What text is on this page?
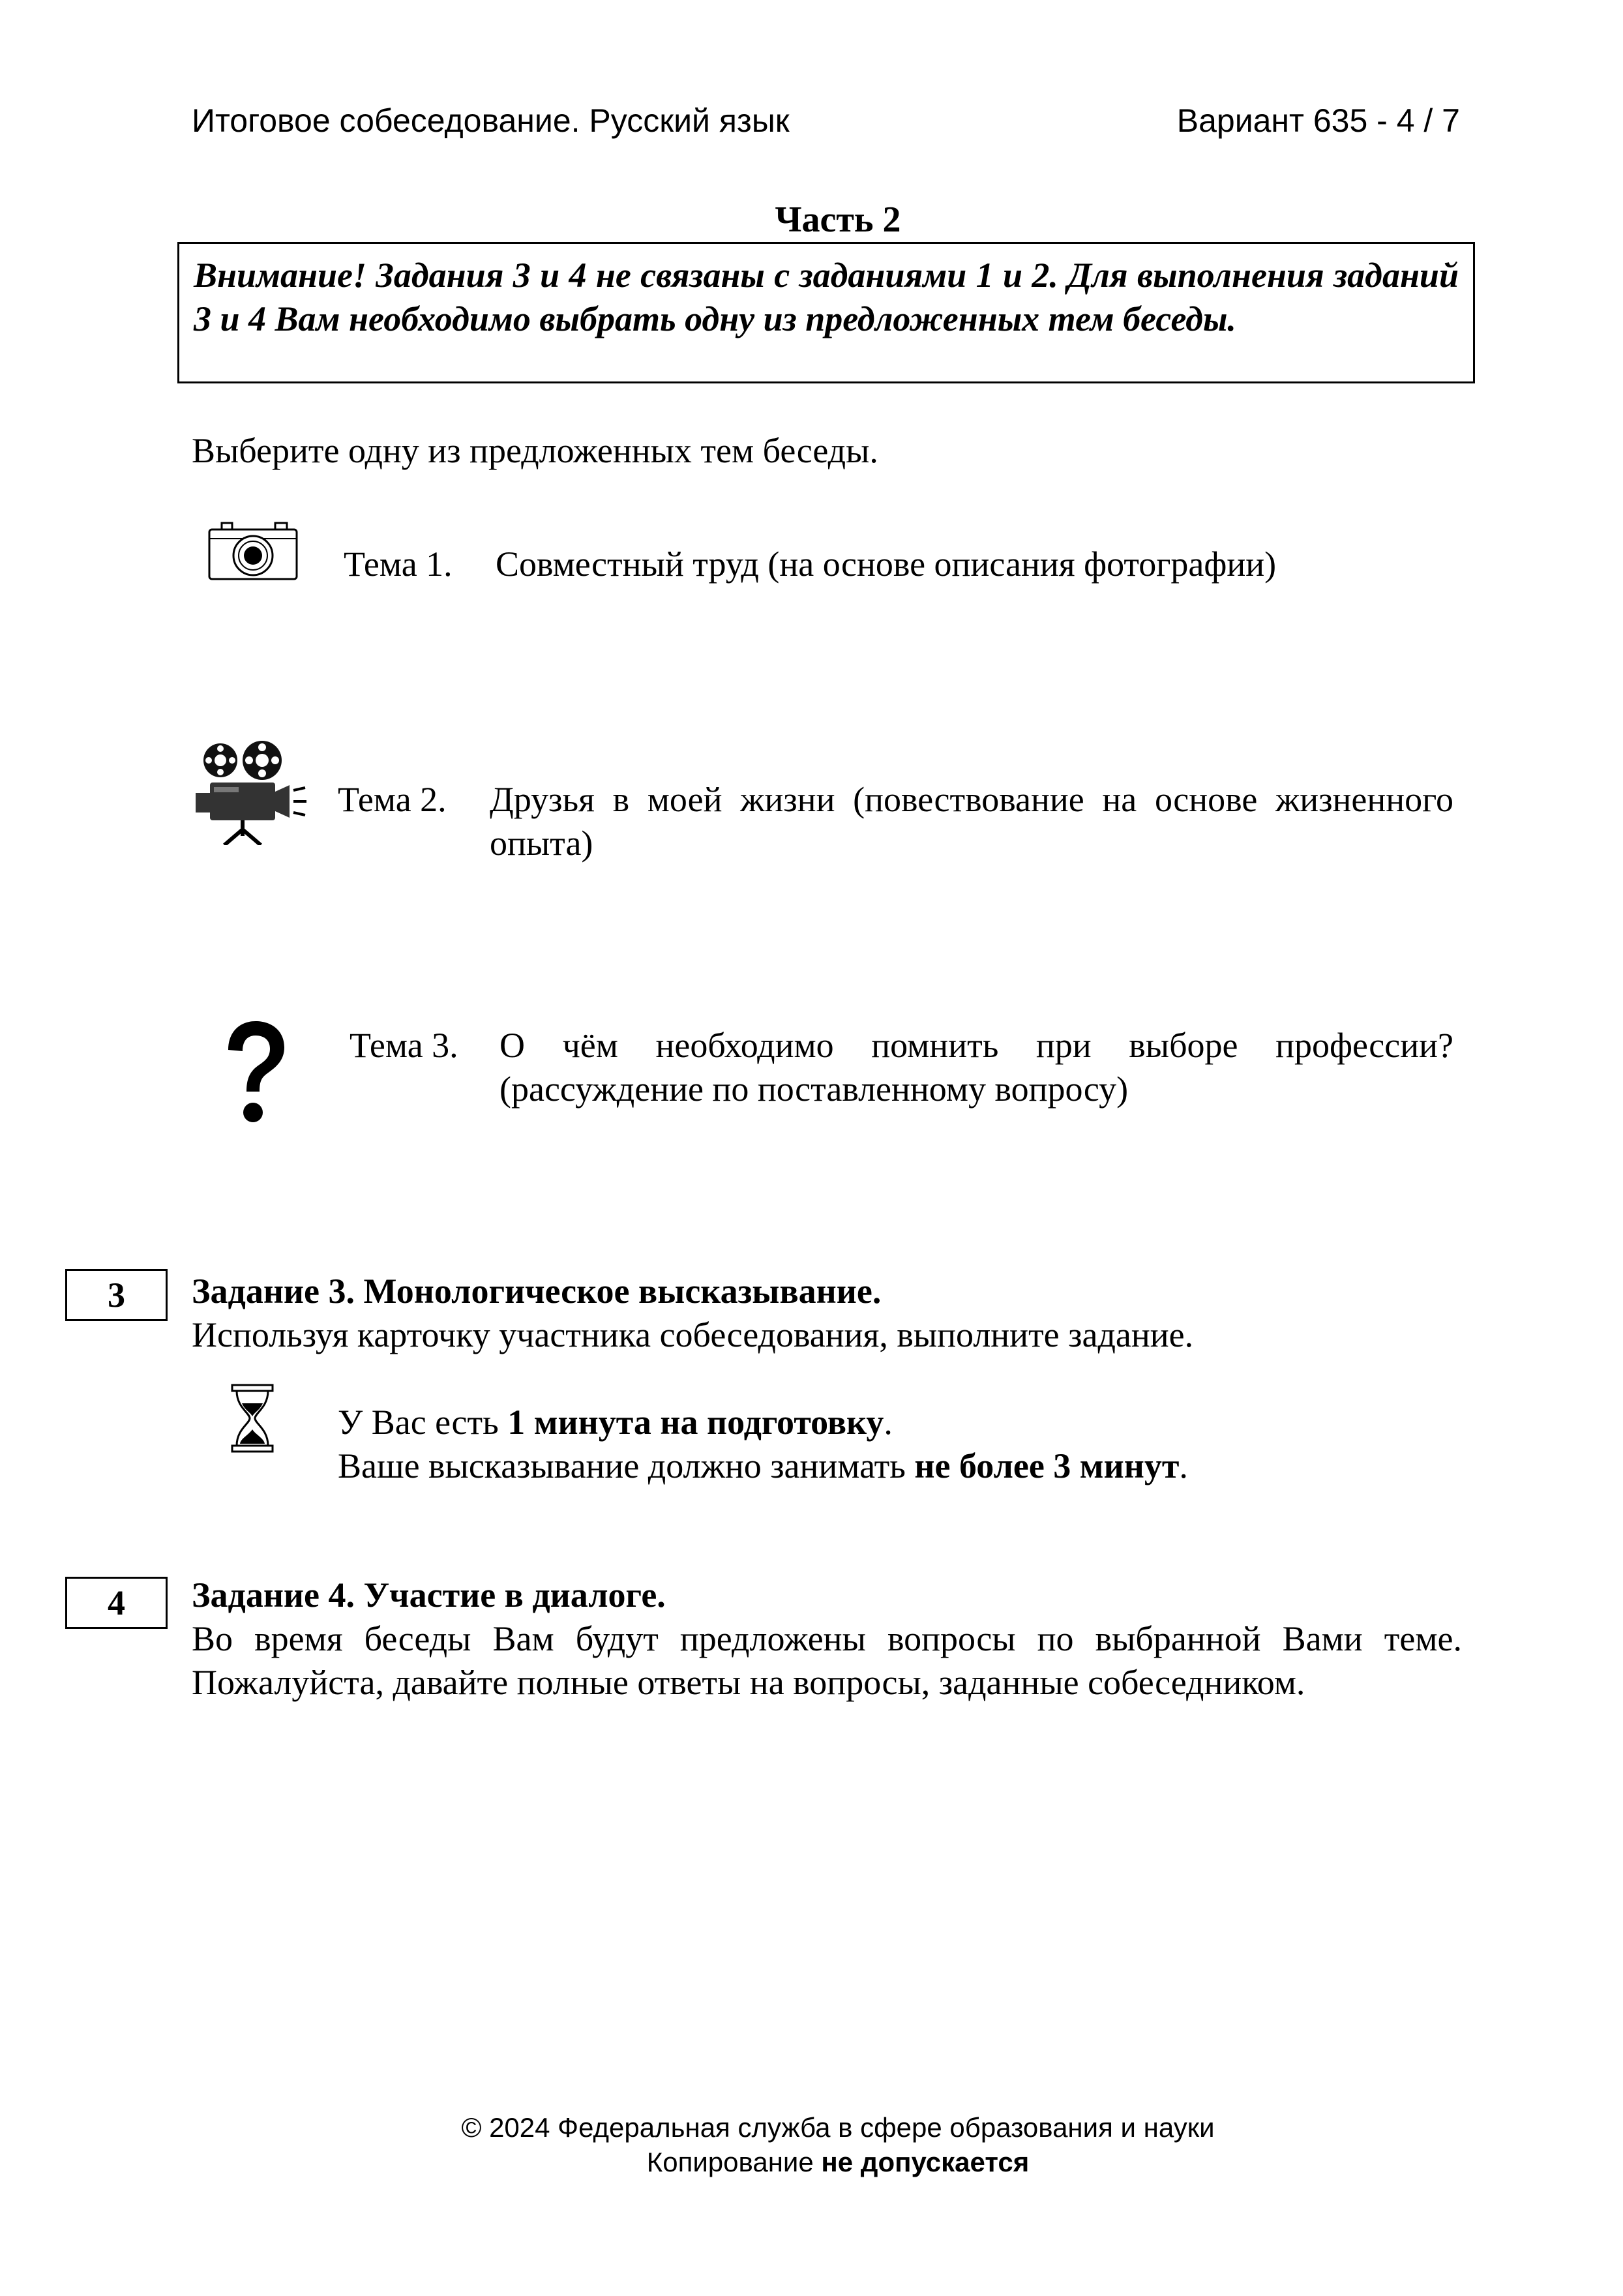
Итоговое собеседование. Русский язык	Вариант 635 - 4 / 7
Часть 2
Внимание! Задания 3 и 4 не связаны с заданиями 1 и 2. Для выполнения заданий 3 и 4 Вам необходимо выбрать одну из предложенных тем беседы.
Выберите одну из предложенных тем беседы.
Тема 1. Совместный труд (на основе описания фотографии)
Тема 2. Друзья в моей жизни (повествование на основе жизненного опыта)
Тема 3. О чём необходимо помнить при выборе профессии? (рассуждение по поставленному вопросу)
3	Задание 3. Монологическое высказывание.
Используя карточку участника собеседования, выполните задание.
У Вас есть 1 минута на подготовку.
Ваше высказывание должно занимать не более 3 минут.
4	Задание 4. Участие в диалоге.
Во время беседы Вам будут предложены вопросы по выбранной Вами теме.
Пожалуйста, давайте полные ответы на вопросы, заданные собеседником.
© 2024 Федеральная служба в сфере образования и науки
Копирование не допускается
